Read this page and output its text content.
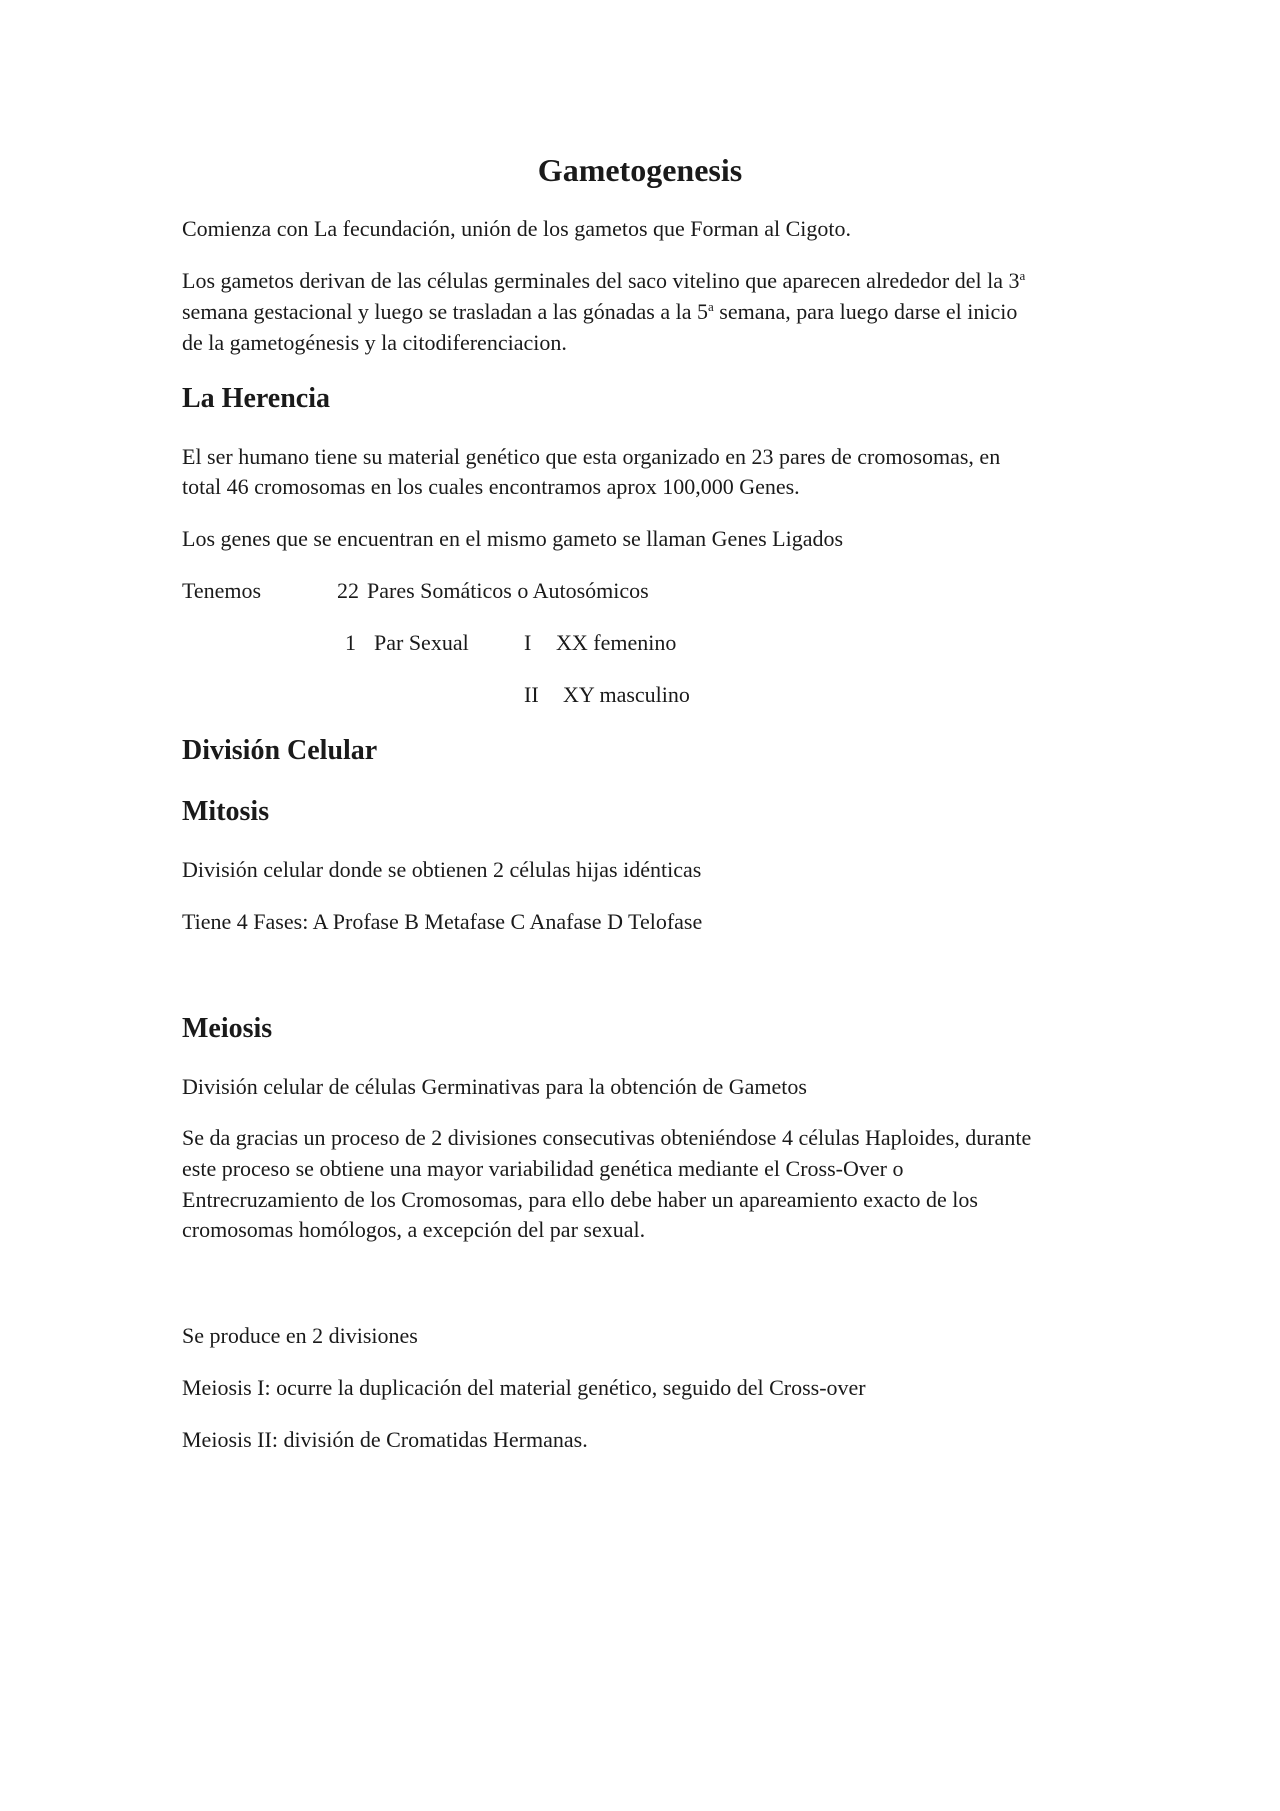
Gametogenesis
Comienza con La fecundación, unión de los gametos que Forman al Cigoto.
Los gametos derivan de las células germinales del saco vitelino que aparecen alrededor del la 3$^a$
semana gestacional y luego se trasladan a las gónadas a la 5$^a$ semana, para luego darse el inicio
de la gametogénesis y la citodiferenciacion.
La Herencia
El ser humano tiene su material genético que esta organizado en 23 pares de cromosomas, en
total 46 cromosomas en los cuales encontramos aprox 100,000 Genes.
Los genes que se encuentran en el mismo gameto se llaman Genes Ligados
Tenemos	22 Pares Somáticos o Autosómicos
1 Par Sexual	I XX femenino
II XY masculino
División Celular
Mitosis
División celular donde se obtienen 2 células hijas idénticas
Tiene 4 Fases: A Profase B Metafase C Anafase D Telofase
Meiosis
División celular de células Germinativas para la obtención de Gametos
Se da gracias un proceso de 2 divisiones consecutivas obteniéndose 4 células Haploides, durante
este proceso se obtiene una mayor variabilidad genética mediante el Cross-Over o
Entrecruzamiento de los Cromosomas, para ello debe haber un apareamiento exacto de los
cromosomas homólogos, a excepción del par sexual.
Se produce en 2 divisiones
Meiosis I: ocurre la duplicación del material genético, seguido del Cross-over
Meiosis II: división de Cromatidas Hermanas.
